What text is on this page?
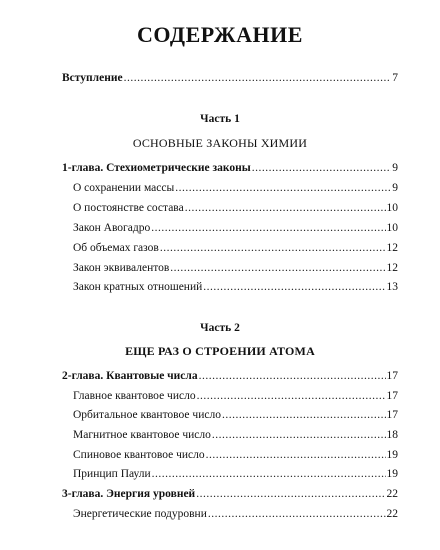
СОДЕРЖАНИЕ
Вступление .....	7
Часть 1
ОСНОВНЫЕ ЗАКОНЫ ХИМИИ
1-глава. Стехиометрические законы .....	9
О сохранении массы .....	9
О постоянстве состава .....	10
Закон Авогадро .....	10
Об объемах газов .....	12
Закон эквивалентов .....	12
Закон кратных отношений .....	13
Часть 2
ЕЩЕ РАЗ О СТРОЕНИИ АТОМА
2-глава. Квантовые числа .....	17
Главное квантовое число .....	17
Орбитальное квантовое число .....	17
Магнитное квантовое число .....	18
Спиновое квантовое число .....	19
Принцип Паули .....	19
3-глава. Энергия уровней .....	22
Энергетические подуровни .....	22
